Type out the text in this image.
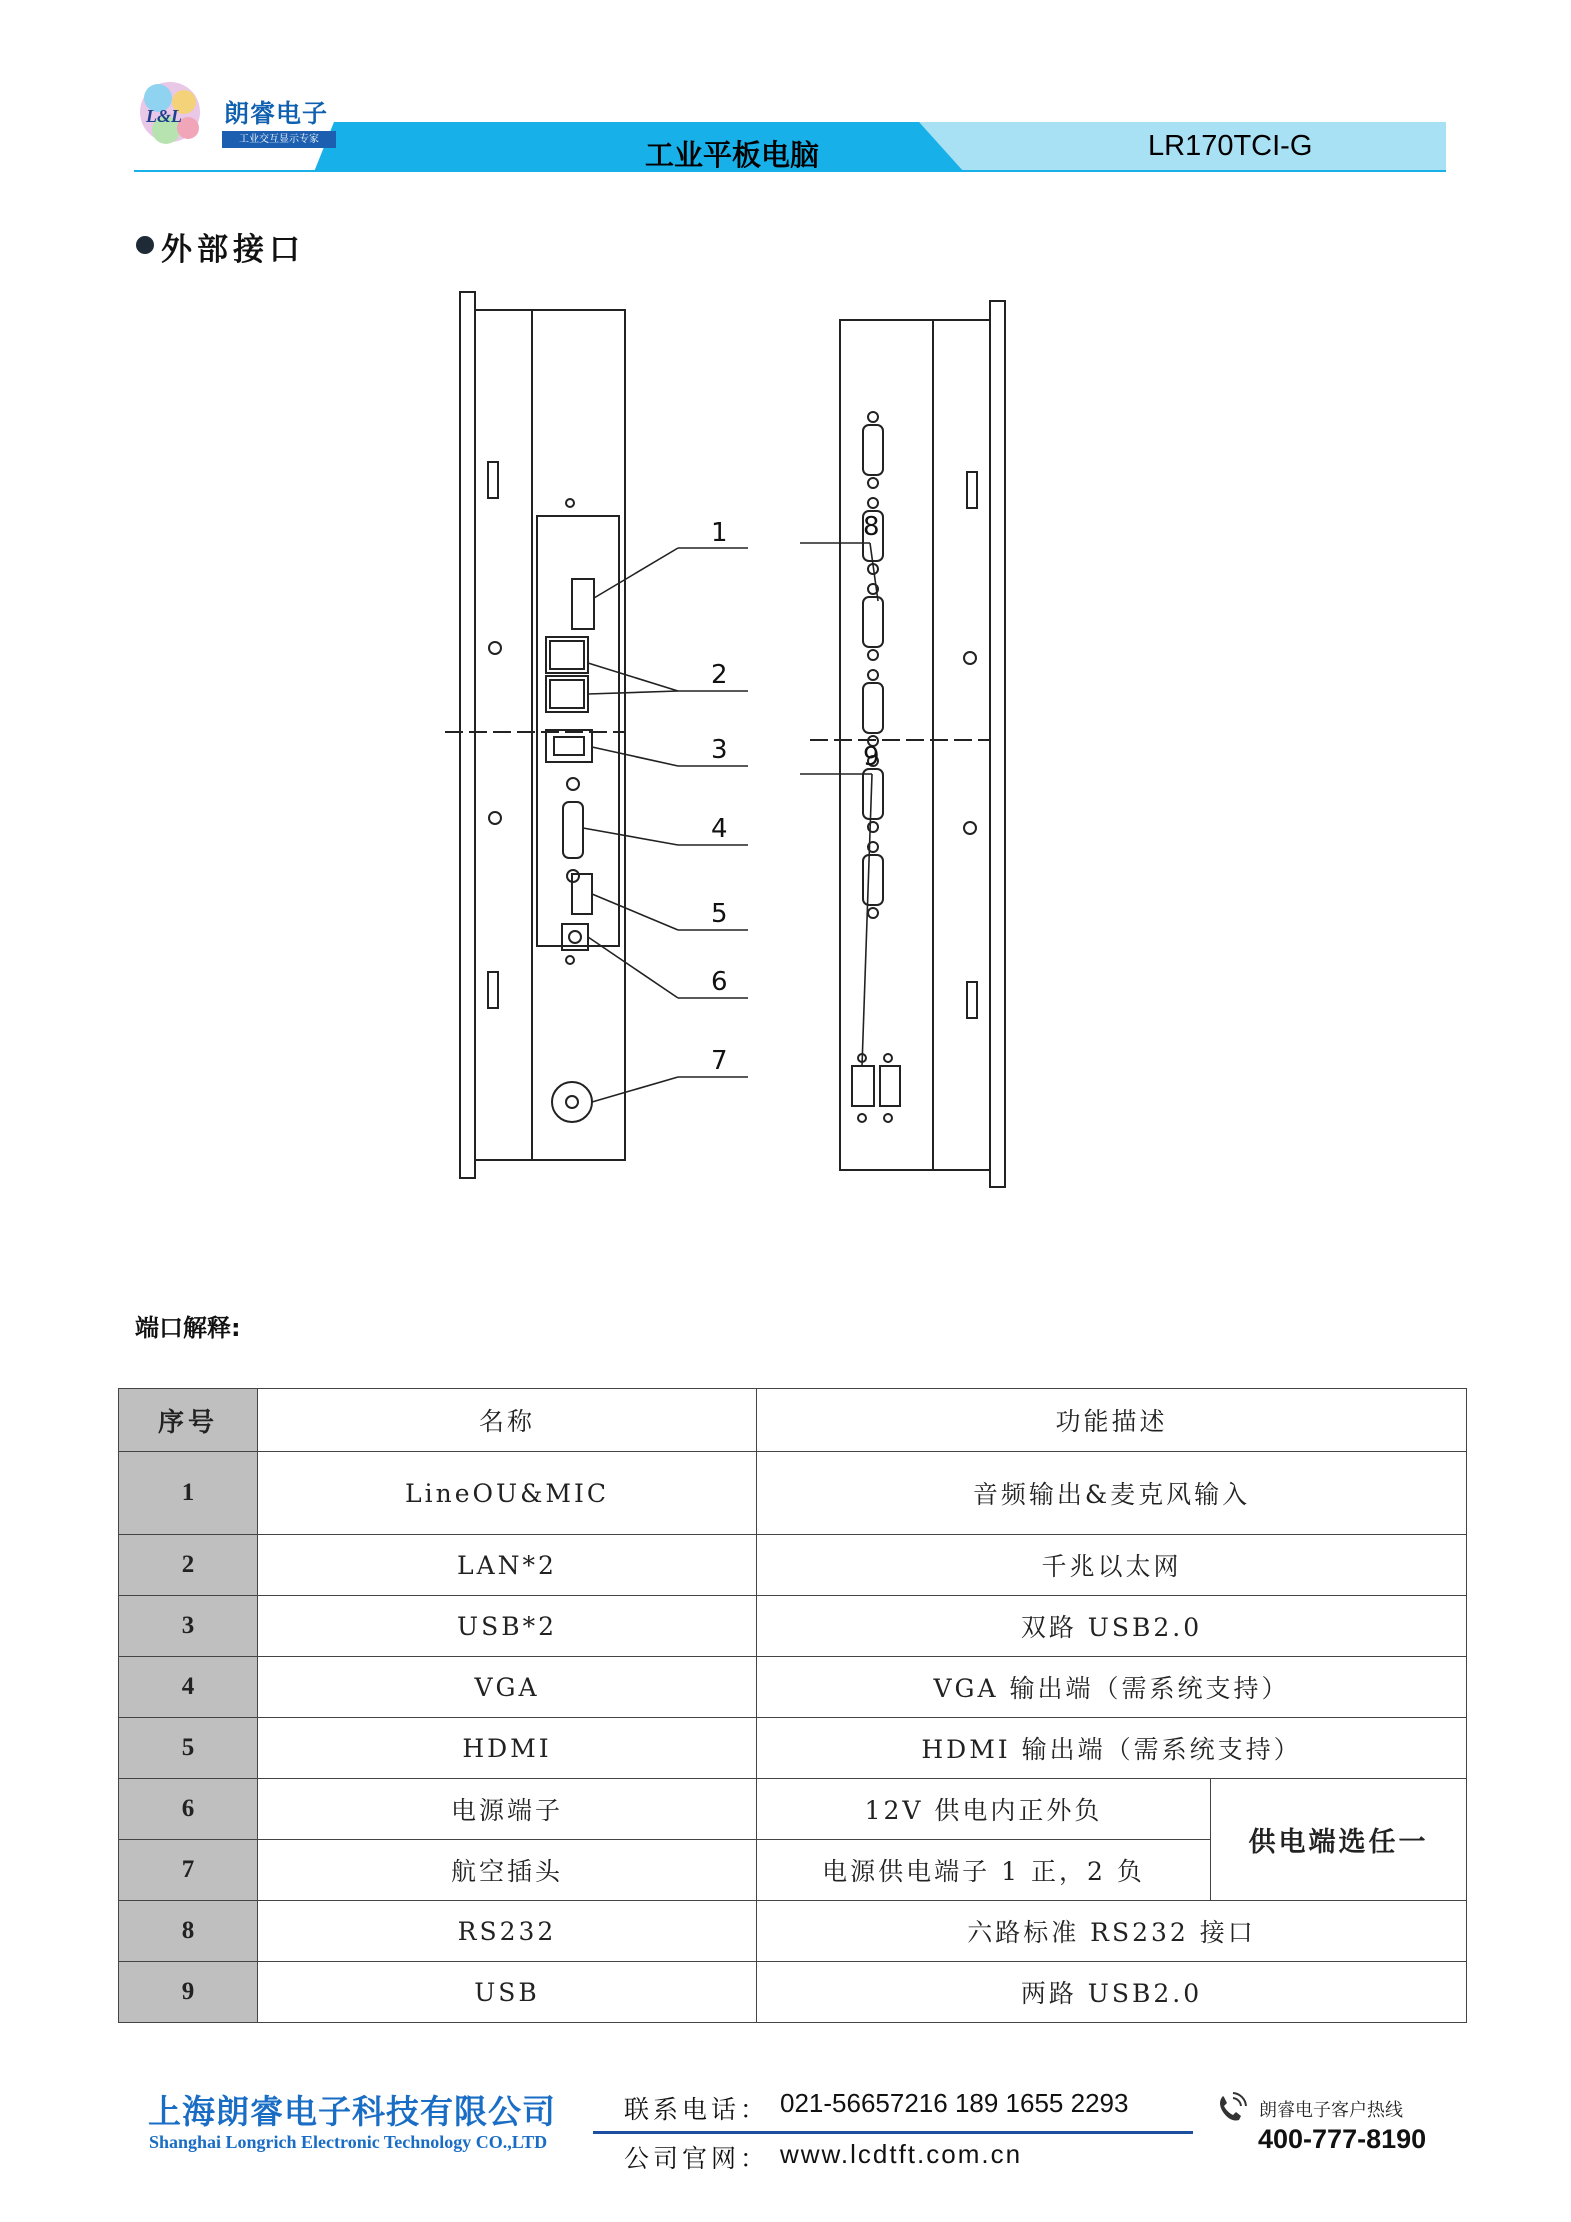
L&L 朗睿电子
工业交互显示专家	工业平板电脑	LR170TCI-G
外部接口
1
2
3
4
5
6
7
8
9
端口解释:
序号	名称	功能描述	
1	LineOU&MIC	音频输出&麦克风输入	
2	LAN*2	千兆以太网	
3	USB*2	双路 USB2.0	
4	VGA	VGA 输出端（需系统支持）	
5	HDMI	HDMI 输出端（需系统支持）	
6	电源端子	12V 供电内正外负	供电端选任一
7	航空插头	电源供电端子 1 正，2 负	
8	RS232	六路标准 RS232 接口	
9	USB	两路 USB2.0	
上海朗睿电子科技有限公司
Shanghai Longrich Electronic Technology CO.,LTD
联系电话： 021-56657216 189 1655 2293
公司官网： www.lcdtft.com.cn
朗睿电子客户热线
400-777-8190
